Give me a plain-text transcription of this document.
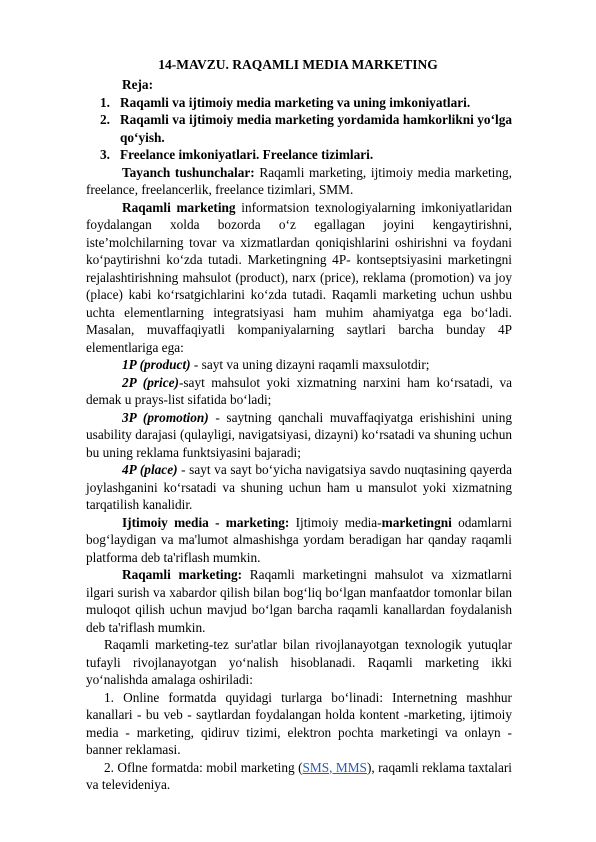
14-MAVZU. RAQAMLI MEDIA MARKETING

Reja:

1. Raqamli va ijtimoiy media marketing va uning imkoniyatlari.
2. Raqamli va ijtimoiy media marketing yordamida hamkorlikni yo‘lga qo‘yish.
3. Freelance imkoniyatlari. Freelance tizimlari.

Tayanch tushunchalar: Raqamli marketing, ijtimoiy media marketing, freelance, freelancerlik, freelance tizimlari, SMM.

Raqamli marketing informatsion texnologiyalarning imkoniyatlaridan foydalangan xolda bozorda o‘z egallagan joyini kengaytirishni, iste’molchilarning tovar va xizmatlardan qoniqishlarini oshirishni va foydani ko‘paytirishni ko‘zda tutadi. Marketingning 4P- kontseptsiyasini marketingni rejalashtirishning mahsulot (product), narx (price), reklama (promotion) va joy (place) kabi ko‘rsatgichlarini ko‘zda tutadi. Raqamli marketing uchun ushbu uchta elementlarning integratsiyasi ham muhim ahamiyatga ega bo‘ladi. Masalan, muvaffaqiyatli kompaniyalarning saytlari barcha bunday 4P elementlariga ega:

1P (product) - sayt va uning dizayni raqamli maxsulotdir;

2P (price)-sayt mahsulot yoki xizmatning narxini ham ko‘rsatadi, va demak u prays-list sifatida bo‘ladi;

3P (promotion) - saytning qanchali muvaffaqiyatga erishishini uning usability darajasi (qulayligi, navigatsiyasi, dizayni) ko‘rsatadi va shuning uchun bu uning reklama funktsiyasini bajaradi;

4P (place) - sayt va sayt bo‘yicha navigatsiya savdo nuqtasining qayerda joylashganini ko‘rsatadi va shuning uchun ham u mansulot yoki xizmatning tarqatilish kanalidir.

Ijtimoiy media - marketing: Ijtimoiy media-marketingni odamlarni bog‘laydigan va ma'lumot almashishga yordam beradigan har qanday raqamli platforma deb ta'riflash mumkin.

Raqamli marketing: Raqamli marketingni mahsulot va xizmatlarni ilgari surish va xabardor qilish bilan bog‘liq bo‘lgan manfaatdor tomonlar bilan muloqot qilish uchun mavjud bo‘lgan barcha raqamli kanallardan foydalanish deb ta'riflash mumkin.

Raqamli marketing-tez sur'atlar bilan rivojlanayotgan texnologik yutuqlar tufayli rivojlanayotgan yo‘nalish hisoblanadi. Raqamli marketing ikki yo‘nalishda amalaga oshiriladi:

1. Online formatda quyidagi turlarga bo‘linadi: Internetning mashhur kanallari - bu veb - saytlardan foydalangan holda kontent -marketing, ijtimoiy media - marketing, qidiruv tizimi, elektron pochta marketingi va onlayn -banner reklamasi.

2. Oflne formatda: mobil marketing (SMS, MMS), raqamli reklama taxtalari va televideniya.
